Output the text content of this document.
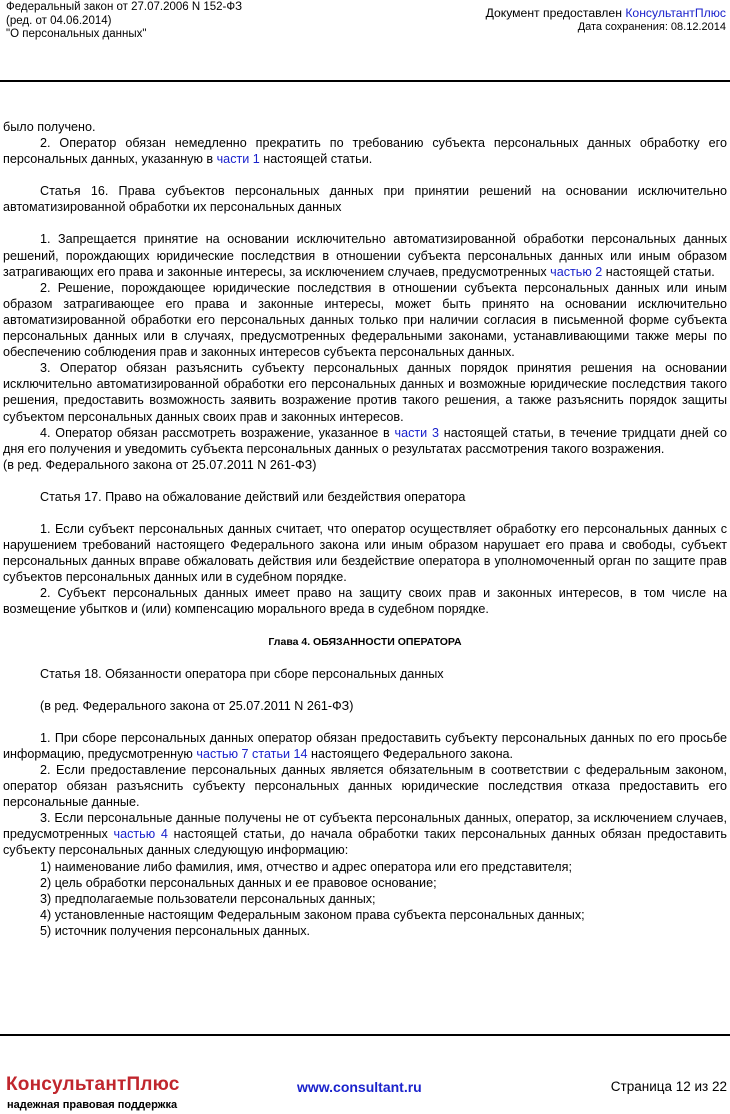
Федеральный закон от 27.07.2006 N 152-ФЗ
(ред. от 04.06.2014)
"О персональных данных"
Документ предоставлен КонсультантПлюс
Дата сохранения: 08.12.2014

было получено.

2. Оператор обязан немедленно прекратить по требованию субъекта персональных данных обработку его персональных данных, указанную в части 1 настоящей статьи.

Статья 16. Права субъектов персональных данных при принятии решений на основании исключительно автоматизированной обработки их персональных данных

1. Запрещается принятие на основании исключительно автоматизированной обработки персональных данных решений, порождающих юридические последствия в отношении субъекта персональных данных или иным образом затрагивающих его права и законные интересы, за исключением случаев, предусмотренных частью 2 настоящей статьи.

2. Решение, порождающее юридические последствия в отношении субъекта персональных данных или иным образом затрагивающее его права и законные интересы, может быть принято на основании исключительно автоматизированной обработки его персональных данных только при наличии согласия в письменной форме субъекта персональных данных или в случаях, предусмотренных федеральными законами, устанавливающими также меры по обеспечению соблюдения прав и законных интересов субъекта персональных данных.

3. Оператор обязан разъяснить субъекту персональных данных порядок принятия решения на основании исключительно автоматизированной обработки его персональных данных и возможные юридические последствия такого решения, предоставить возможность заявить возражение против такого решения, а также разъяснить порядок защиты субъектом персональных данных своих прав и законных интересов.

4. Оператор обязан рассмотреть возражение, указанное в части 3 настоящей статьи, в течение тридцати дней со дня его получения и уведомить субъекта персональных данных о результатах рассмотрения такого возражения.

(в ред. Федерального закона от 25.07.2011 N 261-ФЗ)

Статья 17. Право на обжалование действий или бездействия оператора

1. Если субъект персональных данных считает, что оператор осуществляет обработку его персональных данных с нарушением требований настоящего Федерального закона или иным образом нарушает его права и свободы, субъект персональных данных вправе обжаловать действия или бездействие оператора в уполномоченный орган по защите прав субъектов персональных данных или в судебном порядке.

2. Субъект персональных данных имеет право на защиту своих прав и законных интересов, в том числе на возмещение убытков и (или) компенсацию морального вреда в судебном порядке.

Глава 4. ОБЯЗАННОСТИ ОПЕРАТОРА

Статья 18. Обязанности оператора при сборе персональных данных

(в ред. Федерального закона от 25.07.2011 N 261-ФЗ)

1. При сборе персональных данных оператор обязан предоставить субъекту персональных данных по его просьбе информацию, предусмотренную частью 7 статьи 14 настоящего Федерального закона.

2. Если предоставление персональных данных является обязательным в соответствии с федеральным законом, оператор обязан разъяснить субъекту персональных данных юридические последствия отказа предоставить его персональные данные.

3. Если персональные данные получены не от субъекта персональных данных, оператор, за исключением случаев, предусмотренных частью 4 настоящей статьи, до начала обработки таких персональных данных обязан предоставить субъекту персональных данных следующую информацию:

1) наименование либо фамилия, имя, отчество и адрес оператора или его представителя;

2) цель обработки персональных данных и ее правовое основание;

3) предполагаемые пользователи персональных данных;

4) установленные настоящим Федеральным законом права субъекта персональных данных;

5) источник получения персональных данных.

КонсультантПлюс
надежная правовая поддержка
www.consultant.ru	Страница 12 из 22
